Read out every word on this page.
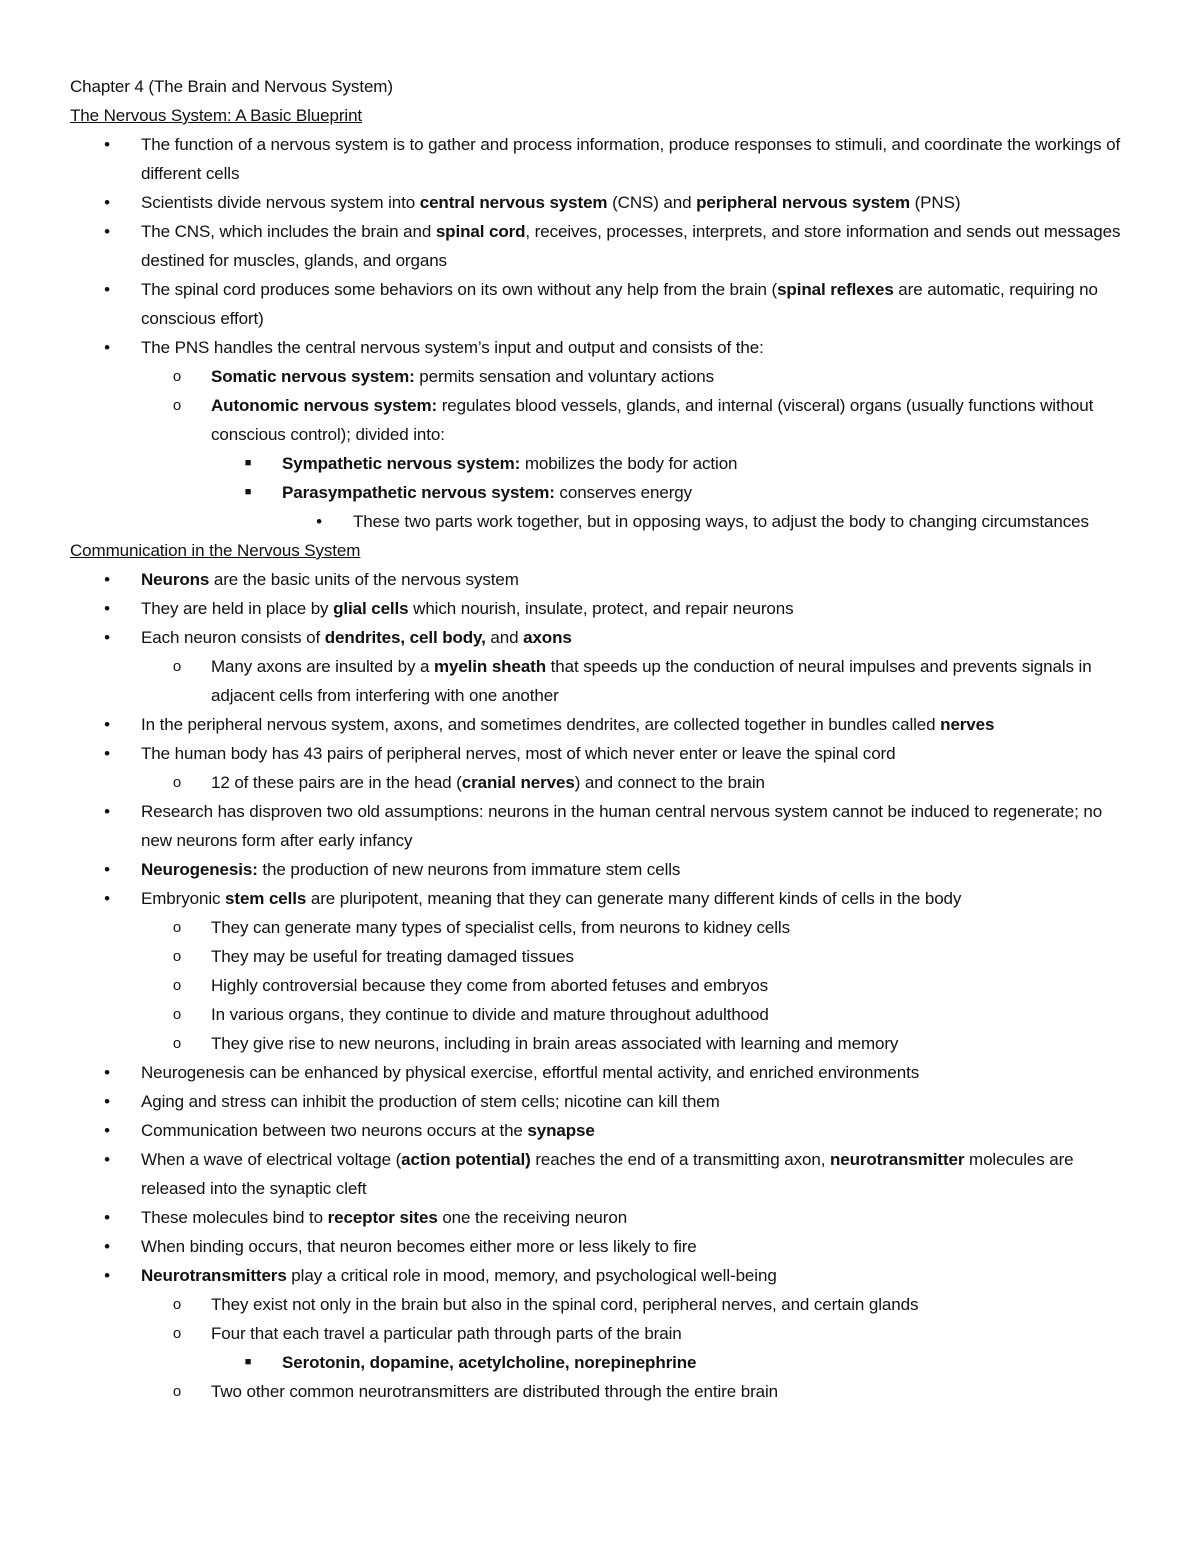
Chapter 4 (The Brain and Nervous System)

The Nervous System: A Basic Blueprint

•	The function of a nervous system is to gather and process information, produce responses to stimuli, and coordinate the workings of different cells
•	Scientists divide nervous system into central nervous system (CNS) and peripheral nervous system (PNS)
•	The CNS, which includes the brain and spinal cord, receives, processes, interprets, and store information and sends out messages destined for muscles, glands, and organs
•	The spinal cord produces some behaviors on its own without any help from the brain (spinal reflexes are automatic, requiring no conscious effort)
•	The PNS handles the central nervous system’s input and output and consists of the:
o	Somatic nervous system: permits sensation and voluntary actions
o	Autonomic nervous system: regulates blood vessels, glands, and internal (visceral) organs (usually functions without conscious control); divided into:
■	Sympathetic nervous system: mobilizes the body for action
■	Parasympathetic nervous system: conserves energy
•	These two parts work together, but in opposing ways, to adjust the body to changing circumstances

Communication in the Nervous System

•	Neurons are the basic units of the nervous system
•	They are held in place by glial cells which nourish, insulate, protect, and repair neurons
•	Each neuron consists of dendrites, cell body, and axons
o	Many axons are insulted by a myelin sheath that speeds up the conduction of neural impulses and prevents signals in adjacent cells from interfering with one another
•	In the peripheral nervous system, axons, and sometimes dendrites, are collected together in bundles called nerves
•	The human body has 43 pairs of peripheral nerves, most of which never enter or leave the spinal cord
o	12 of these pairs are in the head (cranial nerves) and connect to the brain
•	Research has disproven two old assumptions: neurons in the human central nervous system cannot be induced to regenerate; no new neurons form after early infancy
•	Neurogenesis: the production of new neurons from immature stem cells
•	Embryonic stem cells are pluripotent, meaning that they can generate many different kinds of cells in the body
o	They can generate many types of specialist cells, from neurons to kidney cells
o	They may be useful for treating damaged tissues
o	Highly controversial because they come from aborted fetuses and embryos
o	In various organs, they continue to divide and mature throughout adulthood
o	They give rise to new neurons, including in brain areas associated with learning and memory
•	Neurogenesis can be enhanced by physical exercise, effortful mental activity, and enriched environments
•	Aging and stress can inhibit the production of stem cells; nicotine can kill them
•	Communication between two neurons occurs at the synapse
•	When a wave of electrical voltage (action potential) reaches the end of a transmitting axon, neurotransmitter molecules are released into the synaptic cleft
•	These molecules bind to receptor sites one the receiving neuron
•	When binding occurs, that neuron becomes either more or less likely to fire
•	Neurotransmitters play a critical role in mood, memory, and psychological well-being
o	They exist not only in the brain but also in the spinal cord, peripheral nerves, and certain glands
o	Four that each travel a particular path through parts of the brain
■	Serotonin, dopamine, acetylcholine, norepinephrine
o	Two other common neurotransmitters are distributed through the entire brain
